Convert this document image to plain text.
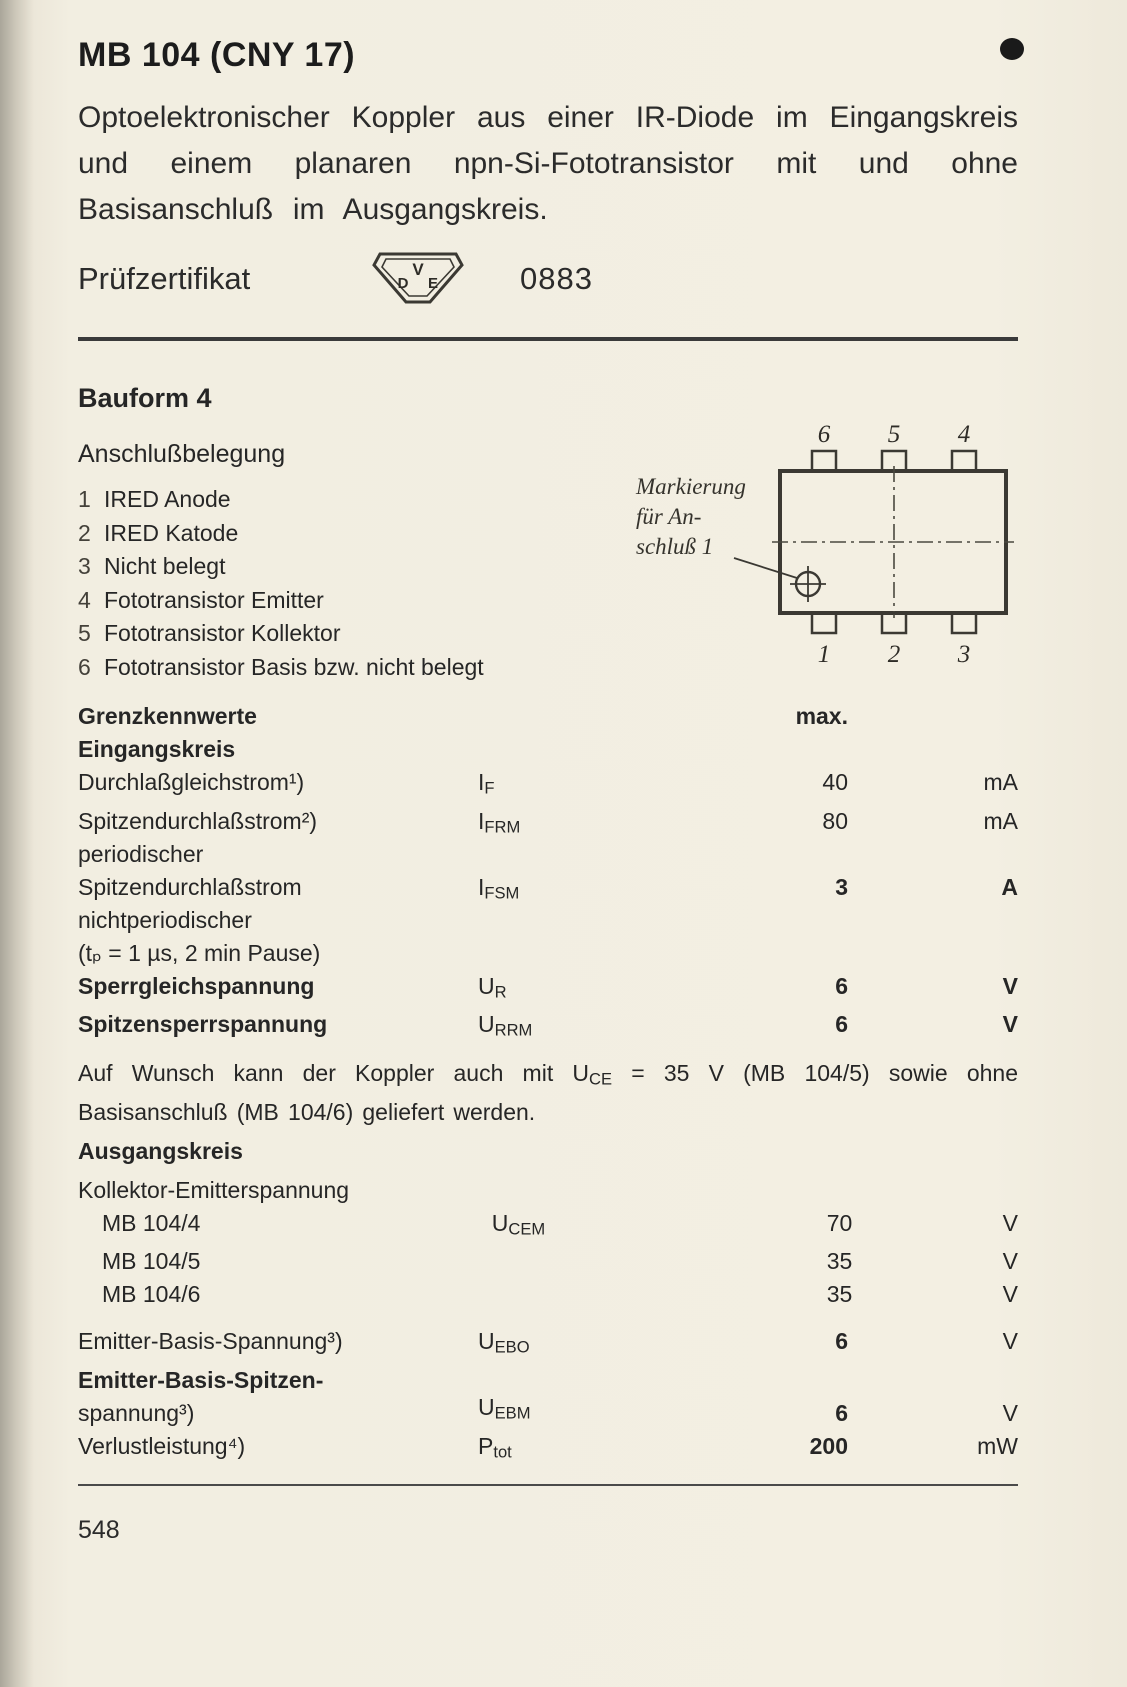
MB 104 (CNY 17)

Optoelektronischer Koppler aus einer IR-Diode im Eingangskreis und einem planaren npn-Si-Fototransistor mit und ohne Basisanschluß im Ausgangskreis.

Prüfzertifikat	V
D E	0883
Bauform 4
Anschlußbelegung
1 IRED Anode
2 IRED Katode
3 Nicht belegt
4 Fototransistor Emitter
5 Fototransistor Kollektor
6 Fototransistor Basis bzw. nicht belegt
6 5 4
Markierung
für An-
schluß 1
1 2 3
Grenzkennwerte	max.
Eingangskreis
Durchlaßgleichstrom¹)	$I_F$	40	mA
Spitzendurchlaßstrom²)
periodischer
$I_{FRM}$	80	mA
Spitzendurchlaßstrom
nichtperiodischer
(tₚ = 1 µs, 2 min Pause)
$I_{FSM}$	3	A
Sperrgleichspannung	$U_R$	6	V
Spitzensperrspannung	$U_{RRM}$	6	V

Auf Wunsch kann der Koppler auch mit $U_{CE} = 35$ V (MB 104/5) sowie ohne Basisanschluß (MB 104/6) geliefert werden.

Ausgangskreis
Kollektor-Emitterspannung
MB 104/4	$U_{CEM}$	70	V
MB 104/5	35	V
MB 104/6	35	V
Emitter-Basis-Spannung³)	$U_{EBO}$	6	V
Emitter-Basis-Spitzen-
spannung³)	$U_{EBM}$	6	V
Verlustleistung⁴)	$P_{tot}$	200	mW
548
